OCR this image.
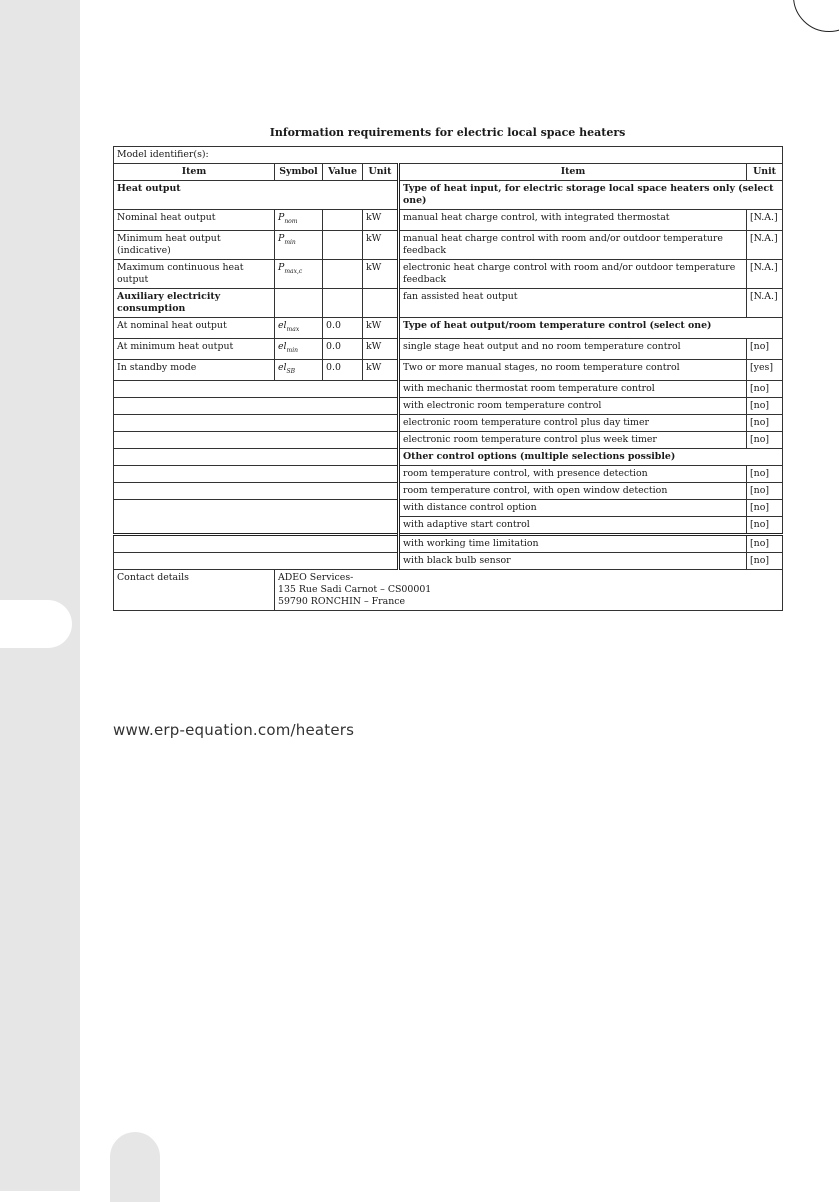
Information requirements for electric local space heaters
Model identifier(s):					
Item	Symbol	Value	Unit	Item	Unit
Heat output				Type of heat input, for electric storage local space heaters only (select one)	
Nominal heat output	$P_{nom}$		kW	manual heat charge control, with integrated thermostat	[N.A.]
Minimum heat output (indicative)	$P_{min}$		kW	manual heat charge control with room and/or outdoor temperature feedback	[N.A.]
Maximum continuous heat output	$P_{max,c}$		kW	electronic heat charge control with room and/or outdoor temperature feedback	[N.A.]
Auxiliary electricity consumption				fan assisted heat output	[N.A.]
At nominal heat output	$el_{max}$	0.0	kW	Type of heat output/room temperature control (select one)	
At minimum heat output	$el_{min}$	0.0	kW	single stage heat output and no room temperature control	[no]
In standby mode	$el_{SB}$	0.0	kW	Two or more manual stages, no room temperature control	[yes]
				with mechanic thermostat room temperature control	[no]
				with electronic room temperature control	[no]
				electronic room temperature control plus day timer	[no]
				electronic room temperature control plus week timer	[no]
				Other control options (multiple selections possible)	
				room temperature control, with presence detection	[no]
				room temperature control, with open window detection	[no]
				with distance control option	[no]
				with adaptive start control	[no]
				with working time limitation	[no]
				with black bulb sensor	[no]
Contact details	ADEO Services-
135 Rue Sadi Carnot – CS00001
59790 RONCHIN – France				
www.erp-equation.com/heaters
